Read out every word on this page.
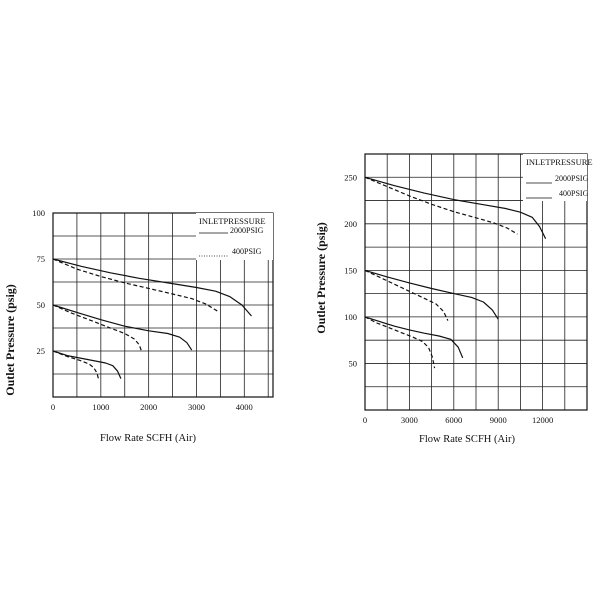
25
50
75
100
0	1000	2000	3000	4000
INLETPRESSURE
2000PSIG
400PSIG
Flow Rate SCFH (Air)
Outlet Pressure (psig)	50
100
150
200
250
0	3000	6000	9000	12000
INLETPRESSURE
2000PSIG
400PSIG
Flow Rate SCFH (Air)
Outlet Pressure (psig)
